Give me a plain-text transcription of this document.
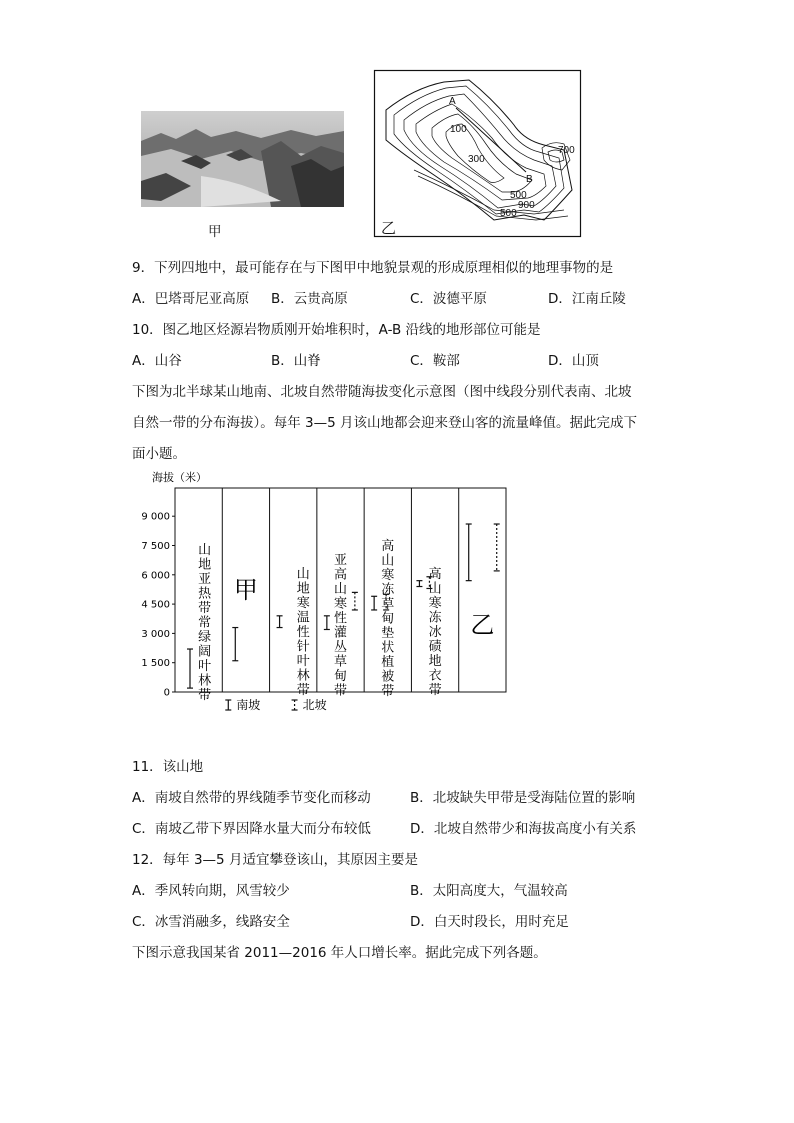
甲
A
B
100
300
700
500
500
900
乙
9．下列四地中，最可能存在与下图甲中地貌景观的形成原理相似的地理事物的是
A．巴塔哥尼亚高原 B．云贵高原	C．波德平原	D．江南丘陵
10．图乙地区烃源岩物质刚开始堆积时，A-B 沿线的地形部位可能是
A．山谷	B．山脊	C．鞍部	D．山顶
下图为北半球某山地南、北坡自然带随海拔变化示意图（图中线段分别代表南、北坡
自然一带的分布海拔）。每年 3—5 月该山地都会迎来登山客的流量峰值。据此完成下
面小题。
海拔（米）
9 000
7 500
6 000
4 500
3 000
1 500
0
山
地
亚
热
带
常
绿
阔
叶
林
带
甲
山
地
寒
温
性
针
叶
林
带
亚
高
山
寒
性
灌
丛
草
甸
带
高
山
寒
冻
草
甸
垫
状
植
被
带
高
山
寒
冻
冰
碛
地
衣
带
乙
南坡	北坡
11．该山地
A．南坡自然带的界线随季节变化而移动	B．北坡缺失甲带是受海陆位置的影响
C．南坡乙带下界因降水量大而分布较低	D．北坡自然带少和海拔高度小有关系
12．每年 3—5 月适宜攀登该山，其原因主要是
A．季风转向期，风雪较少	B．太阳高度大，气温较高
C．冰雪消融多，线路安全	D．白天时段长，用时充足
下图示意我国某省 2011—2016 年人口增长率。据此完成下列各题。
